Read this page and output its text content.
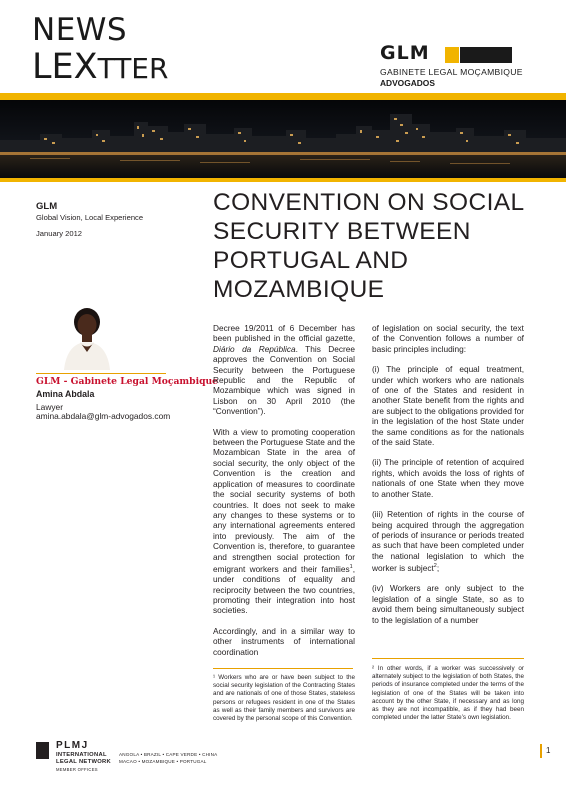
NEWS
LEXTTER	GLM
GABINETE LEGAL MOÇAMBIQUE
ADVOGADOS
GLM
Global Vision, Local Experience
January 2012
GLM - Gabinete Legal Moçambique
Amina Abdala
Lawyer
amina.abdala@glm-advogados.com
CONVENTION ON SOCIAL SECURITY BETWEEN PORTUGAL AND MOZAMBIQUE

Decree 19/2011 of 6 December has been published in the official gazette, Diário da República. This Decree approves the Convention on Social Security between the Portuguese Republic and the Republic of Mozambique which was signed in Lisbon on 30 April 2010 (the “Convention”).

With a view to promoting cooperation between the Portuguese State and the Mozambican State in the area of social security, the only object of the Convention is the creation and application of measures to coordinate the social security systems of both countries. It does not seek to make any changes to these systems or to any international agreements entered into previously. The aim of the Convention is, therefore, to guarantee and strengthen social protection for emigrant workers and their families$^1$, under conditions of equality and reciprocity between the two countries, promoting their integration into host societies.

Accordingly, and in a similar way to other instruments of international coordination

of legislation on social security, the text of the Convention follows a number of basic principles including:

(i) The principle of equal treatment, under which workers who are nationals of one of the States and resident in another State benefit from the rights and are subject to the obligations provided for in the legislation of the host State under the same conditions as for the nationals of the said State.

(ii) The principle of retention of acquired rights, which avoids the loss of rights of nationals of one State when they move to another State.

(iii) Retention of rights in the course of being acquired through the aggregation of periods of insurance or periods treated as such that have been completed under the national legislation to which the worker is subject$^2$;

(iv) Workers are only subject to the legislation of a single State, so as to avoid them being simultaneously subject to the legislation of a number

¹ Workers who are or have been subject to the social security legislation of the Contracting States and are nationals of one of those States, stateless persons or refugees resident in one of the States as well as their family members and survivors are covered by the personal scope of this Convention.
² In other words, if a worker was successively or alternately subject to the legislation of both States, the periods of insurance completed under the terms of the legislation of one of the States will be taken into account by the other State, if necessary and as long as they are not incompatible, as if they had been completed under the latter State’s own legislation.
PLMJ
INTERNATIONAL
LEGAL NETWORK
MEMBER OFFICES
ANGOLA • BRAZIL • CAPE VERDE • CHINA
MACAO • MOZAMBIQUE • PORTUGAL
1
